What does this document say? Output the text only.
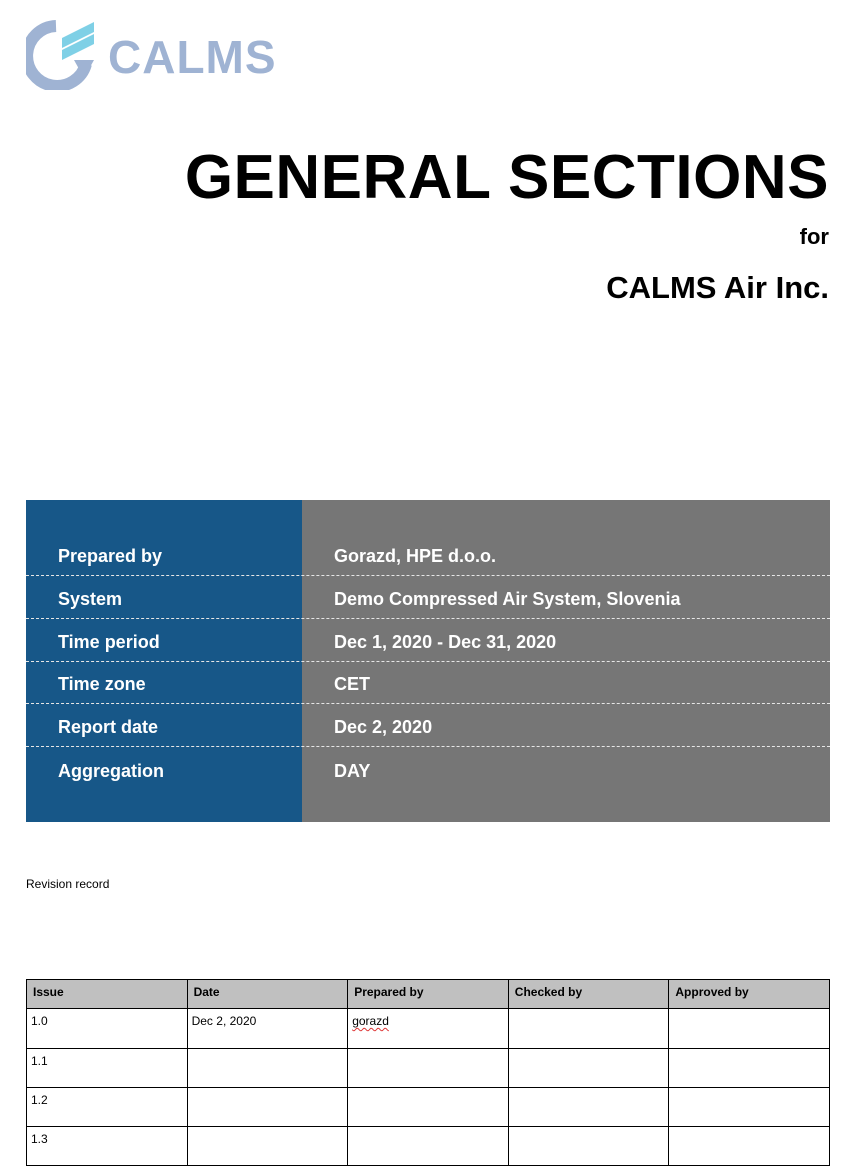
CALMS
GENERAL SECTIONS
for
CALMS Air Inc.
Prepared by	Gorazd, HPE d.o.o.
System	Demo Compressed Air System, Slovenia
Time period	Dec 1, 2020 - Dec 31, 2020
Time zone	CET
Report date	Dec 2, 2020
Aggregation	DAY
Revision record
Issue	Date	Prepared by	Checked by	Approved by
1.0	Dec 2, 2020	gorazd		
1.1				
1.2				
1.3				
